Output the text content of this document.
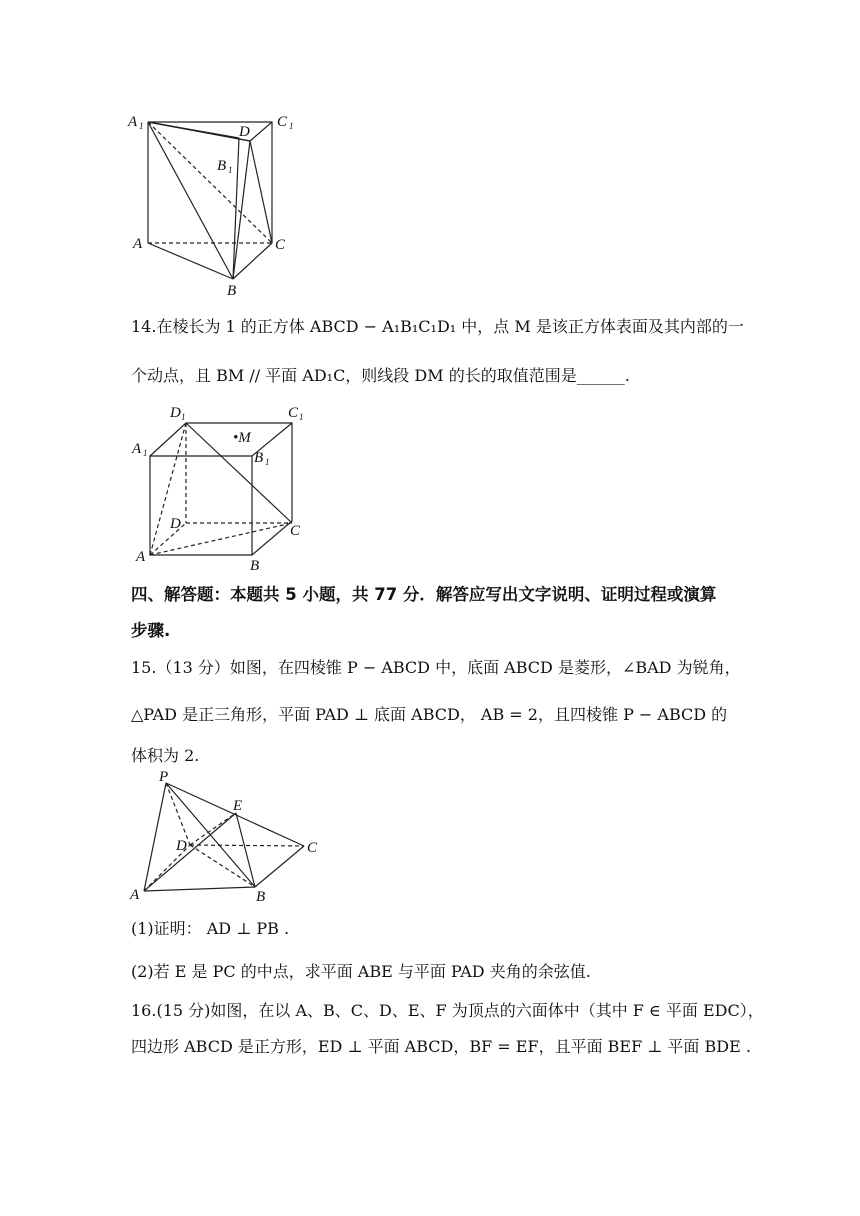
A 1	C 1
D
B 1
A	C
B
14.在棱长为 1 的正方体 ABCD − A₁B₁C₁D₁ 中，点 M 是该正方体表面及其内部的一
个动点，且 BM // 平面 AD₁C，则线段 DM 的长的取值范围是______.
D 1	C 1
•M
A 1	B 1
D	C
A
B
四、解答题：本题共 5 小题，共 77 分．解答应写出文字说明、证明过程或演算
步骤.
15.（13 分）如图，在四棱锥 P − ABCD 中，底面 ABCD 是菱形，∠BAD 为锐角，
△PAD 是正三角形，平面 PAD ⊥ 底面 ABCD， AB = 2，且四棱锥 P − ABCD 的
体积为 2.
P
E
D	C
A	B
(1)证明： AD ⊥ PB .
(2)若 E 是 PC 的中点，求平面 ABE 与平面 PAD 夹角的余弦值.
16.(15 分)如图，在以 A、B、C、D、E、F 为顶点的六面体中（其中 F ∈ 平面 EDC），
四边形 ABCD 是正方形，ED ⊥ 平面 ABCD，BF = EF，且平面 BEF ⊥ 平面 BDE .
